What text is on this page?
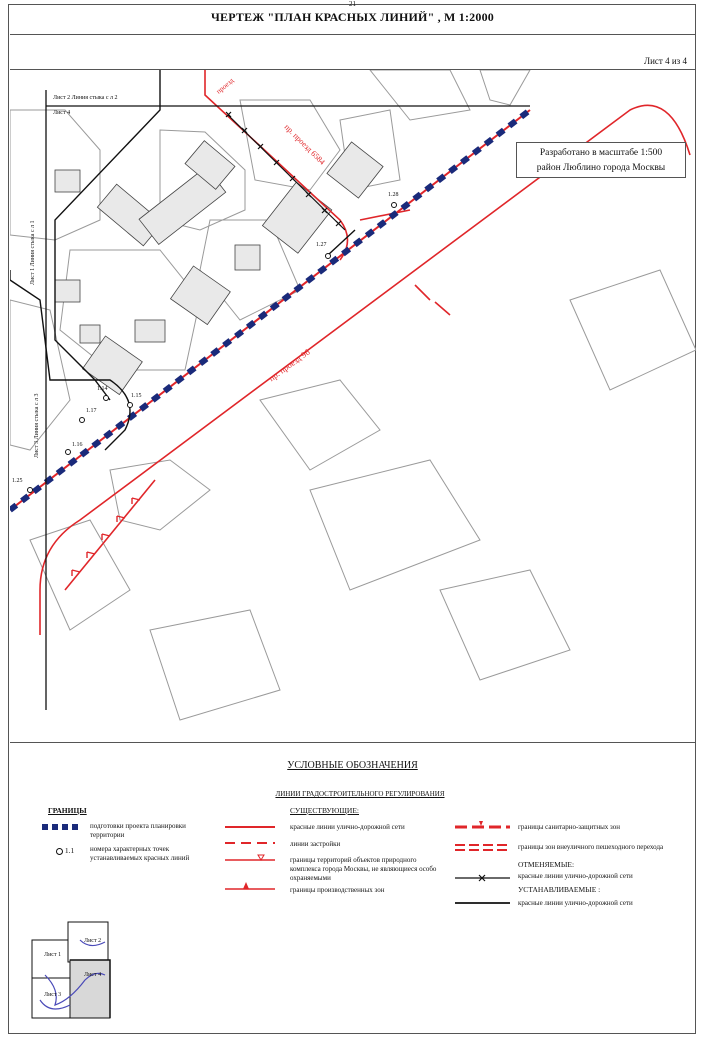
21
ЧЕРТЕЖ "ПЛАН КРАСНЫХ ЛИНИЙ" , М 1:2000
Лист 4 из 4
Лист 2 Линия стыка с л 2
Лист 4
Лист 1 Линия стыка с л 1
Лист 3 Линия стыка с л 3
пр. проезд 96
пр. проезд 6584
проезд
1.28
1.27
1.14
1.15
1.17
1.16
1.25
Разработано в масштабе 1:500
район Люблино города Москвы
УСЛОВНЫЕ ОБОЗНАЧЕНИЯ
ЛИНИИ ГРАДОСТРОИТЕЛЬНОГО РЕГУЛИРОВАНИЯ
ГРАНИЦЫ
подготовки проекта планировки территории
1.1 номера характерных точек устанавливаемых красных линий
СУЩЕСТВУЮЩИЕ:
красные линии улично-дорожной сети
линии застройки
границы территорий объектов природного комплекса города Москвы, не являющиеся особо охраняемыми
границы производственных зон
границы санитарно-защитных зон
границы зон внеуличного пешеходного перехода
ОТМЕНЯЕМЫЕ:
красные линии улично-дорожной сети
УСТАНАВЛИВАЕМЫЕ :
красные линии улично-дорожной сети
Лист 1
Лист 2
Лист 3
Лист 4
